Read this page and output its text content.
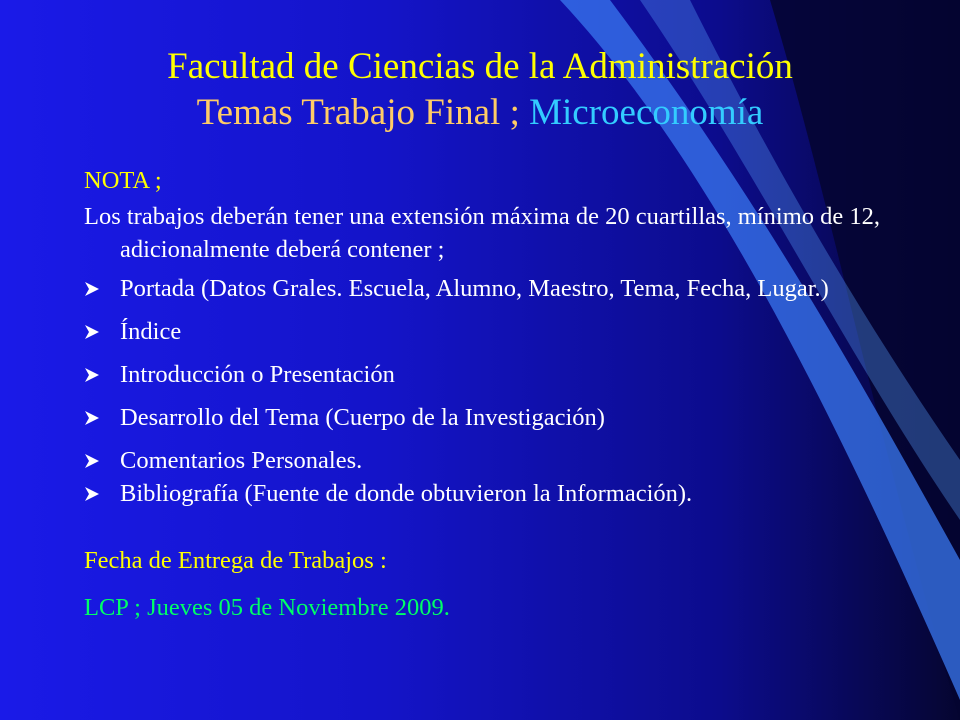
Facultad de Ciencias de la Administración
Temas Trabajo Final ; Microeconomía

NOTA ;

Los trabajos deberán tener una extensión máxima de 20 cuartillas, mínimo de 12, adicionalmente deberá contener ;

Portada (Datos Grales. Escuela, Alumno, Maestro, Tema, Fecha, Lugar.)
Índice
Introducción o Presentación
Desarrollo del Tema (Cuerpo de la Investigación)
Comentarios Personales.
Bibliografía (Fuente de donde obtuvieron la Información).

Fecha de Entrega de Trabajos :

LCP ; Jueves 05 de Noviembre 2009.
